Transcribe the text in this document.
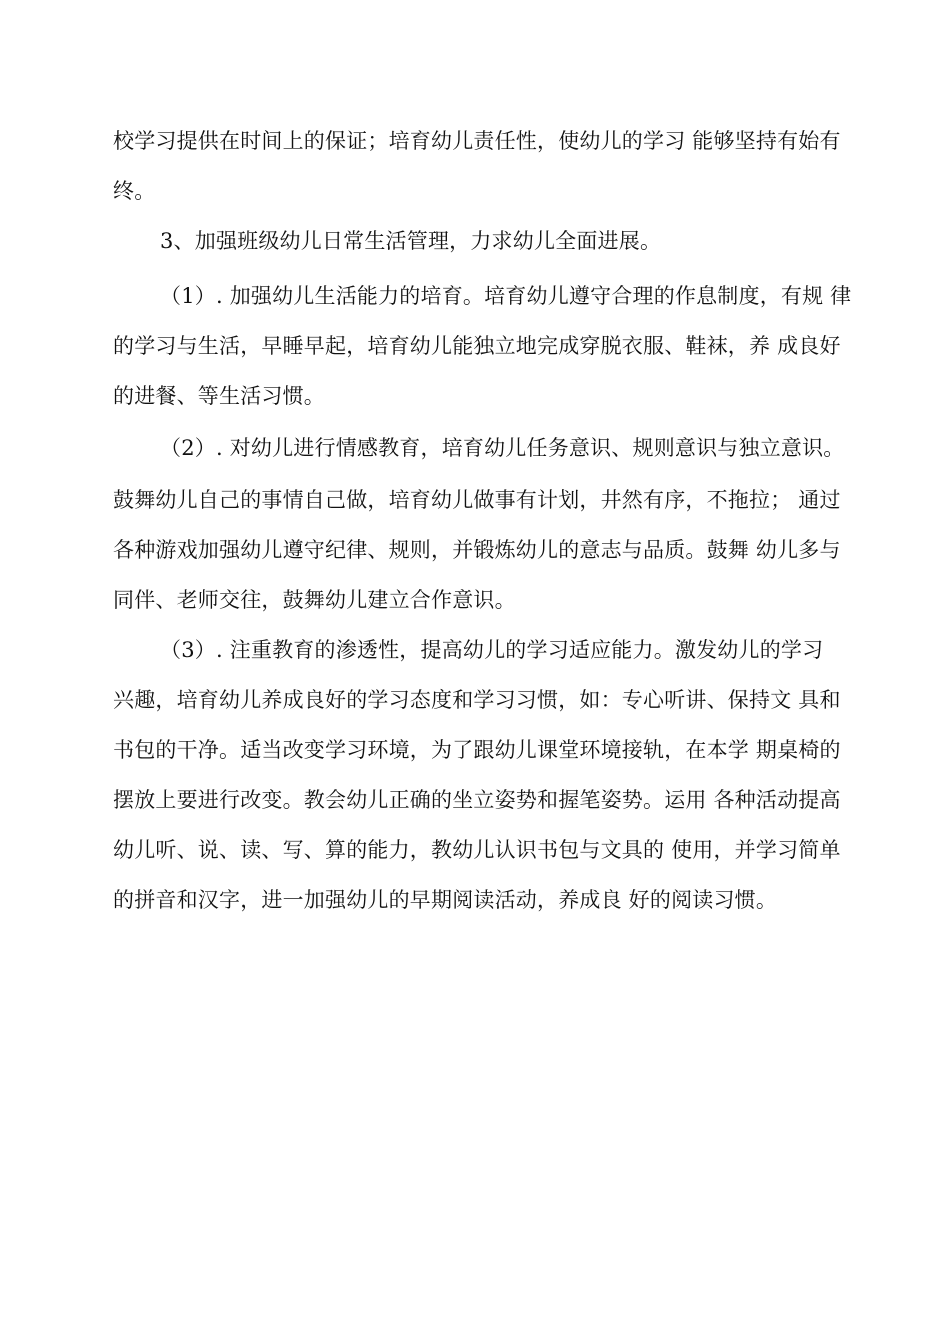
校学习提供在时间上的保证；培育幼儿责任性，使幼儿的学习 能够坚持有始有
终。
3、加强班级幼儿日常生活管理，力求幼儿全面进展。
（1）. 加强幼儿生活能力的培育。培育幼儿遵守合理的作息制度，有规 律
的学习与生活，早睡早起，培育幼儿能独立地完成穿脱衣服、鞋袜，养 成良好
的进餐、等生活习惯。
（2）. 对幼儿进行情感教育，培育幼儿任务意识、规则意识与独立意识。
鼓舞幼儿自己的事情自己做，培育幼儿做事有计划，井然有序，不拖拉； 通过
各种游戏加强幼儿遵守纪律、规则，并锻炼幼儿的意志与品质。鼓舞 幼儿多与
同伴、老师交往，鼓舞幼儿建立合作意识。
（3）. 注重教育的渗透性，提高幼儿的学习适应能力。激发幼儿的学习
兴趣，培育幼儿养成良好的学习态度和学习习惯，如：专心听讲、保持文 具和
书包的干净。适当改变学习环境，为了跟幼儿课堂环境接轨，在本学 期桌椅的
摆放上要进行改变。教会幼儿正确的坐立姿势和握笔姿势。运用 各种活动提高
幼儿听、说、读、写、算的能力，教幼儿认识书包与文具的 使用，并学习简单
的拼音和汉字，进一加强幼儿的早期阅读活动，养成良 好的阅读习惯。
